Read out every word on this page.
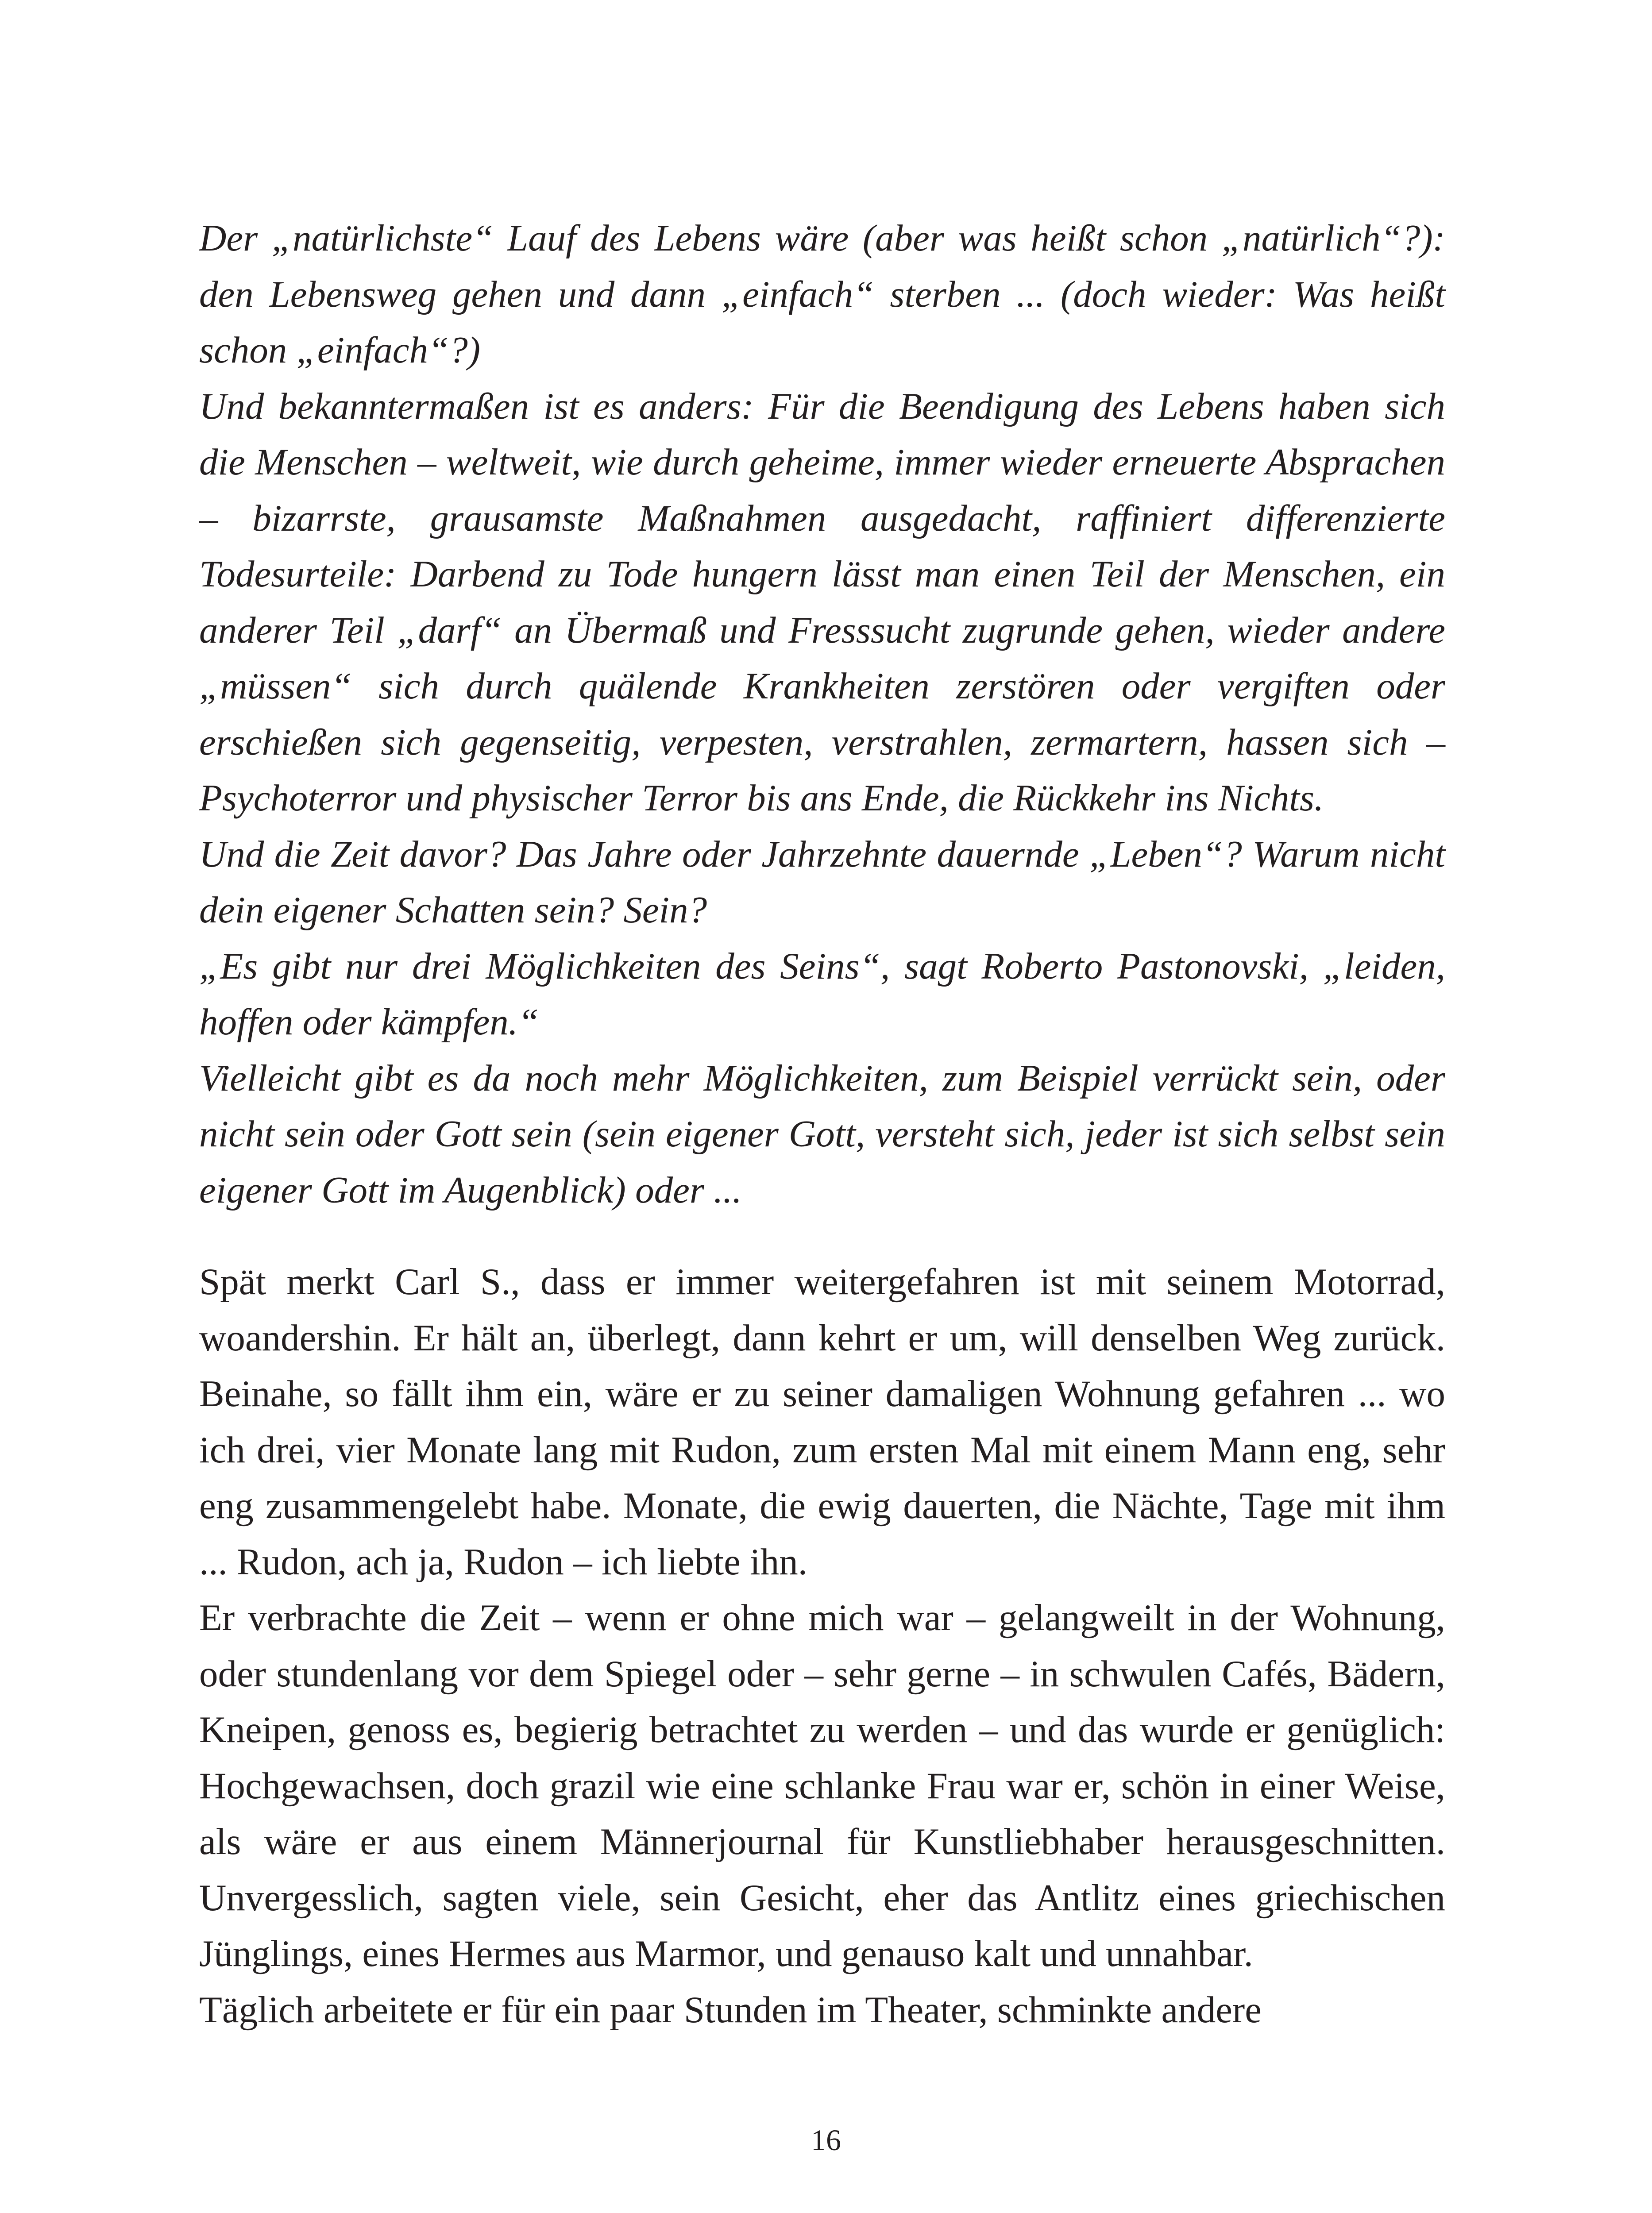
Der „natürlichste“ Lauf des Lebens wäre (aber was heißt schon „natürlich“?): den Lebensweg gehen und dann „einfach“ sterben ... (doch wieder: Was heißt schon „einfach“?)

Und bekanntermaßen ist es anders: Für die Beendigung des Lebens haben sich die Menschen – weltweit, wie durch geheime, immer wieder erneuerte Absprachen – bizarrste, grausamste Maßnahmen ausgedacht, raffiniert differenzierte Todesurteile: Darbend zu Tode hungern lässt man einen Teil der Menschen, ein anderer Teil „darf“ an Übermaß und Fresssucht zugrunde gehen, wieder andere „müssen“ sich durch quälende Krankheiten zerstören oder vergiften oder erschießen sich gegenseitig, verpesten, verstrahlen, zermartern, hassen sich – Psychoterror und physischer Terror bis ans Ende, die Rückkehr ins Nichts.

Und die Zeit davor? Das Jahre oder Jahrzehnte dauernde „Leben“? Warum nicht dein eigener Schatten sein? Sein?

„Es gibt nur drei Möglichkeiten des Seins“, sagt Roberto Pastonovski, „leiden, hoffen oder kämpfen.“

Vielleicht gibt es da noch mehr Möglichkeiten, zum Beispiel verrückt sein, oder nicht sein oder Gott sein (sein eigener Gott, versteht sich, jeder ist sich selbst sein eigener Gott im Augenblick) oder ...

Spät merkt Carl S., dass er immer weitergefahren ist mit seinem Motorrad, woandershin. Er hält an, überlegt, dann kehrt er um, will denselben Weg zurück. Beinahe, so fällt ihm ein, wäre er zu seiner damaligen Wohnung gefahren ... wo ich drei, vier Monate lang mit Rudon, zum ersten Mal mit einem Mann eng, sehr eng zusammengelebt habe. Monate, die ewig dauerten, die Nächte, Tage mit ihm ... Rudon, ach ja, Rudon – ich liebte ihn.

Er verbrachte die Zeit – wenn er ohne mich war – gelangweilt in der Wohnung, oder stundenlang vor dem Spiegel oder – sehr gerne – in schwulen Cafés, Bädern, Kneipen, genoss es, begierig betrachtet zu werden – und das wurde er genüglich: Hochgewachsen, doch grazil wie eine schlanke Frau war er, schön in einer Weise, als wäre er aus einem Männerjournal für Kunstliebhaber herausgeschnitten. Unvergesslich, sagten viele, sein Gesicht, eher das Antlitz eines griechischen Jünglings, eines Hermes aus Marmor, und genauso kalt und unnahbar.

Täglich arbeitete er für ein paar Stunden im Theater, schminkte andere

16
